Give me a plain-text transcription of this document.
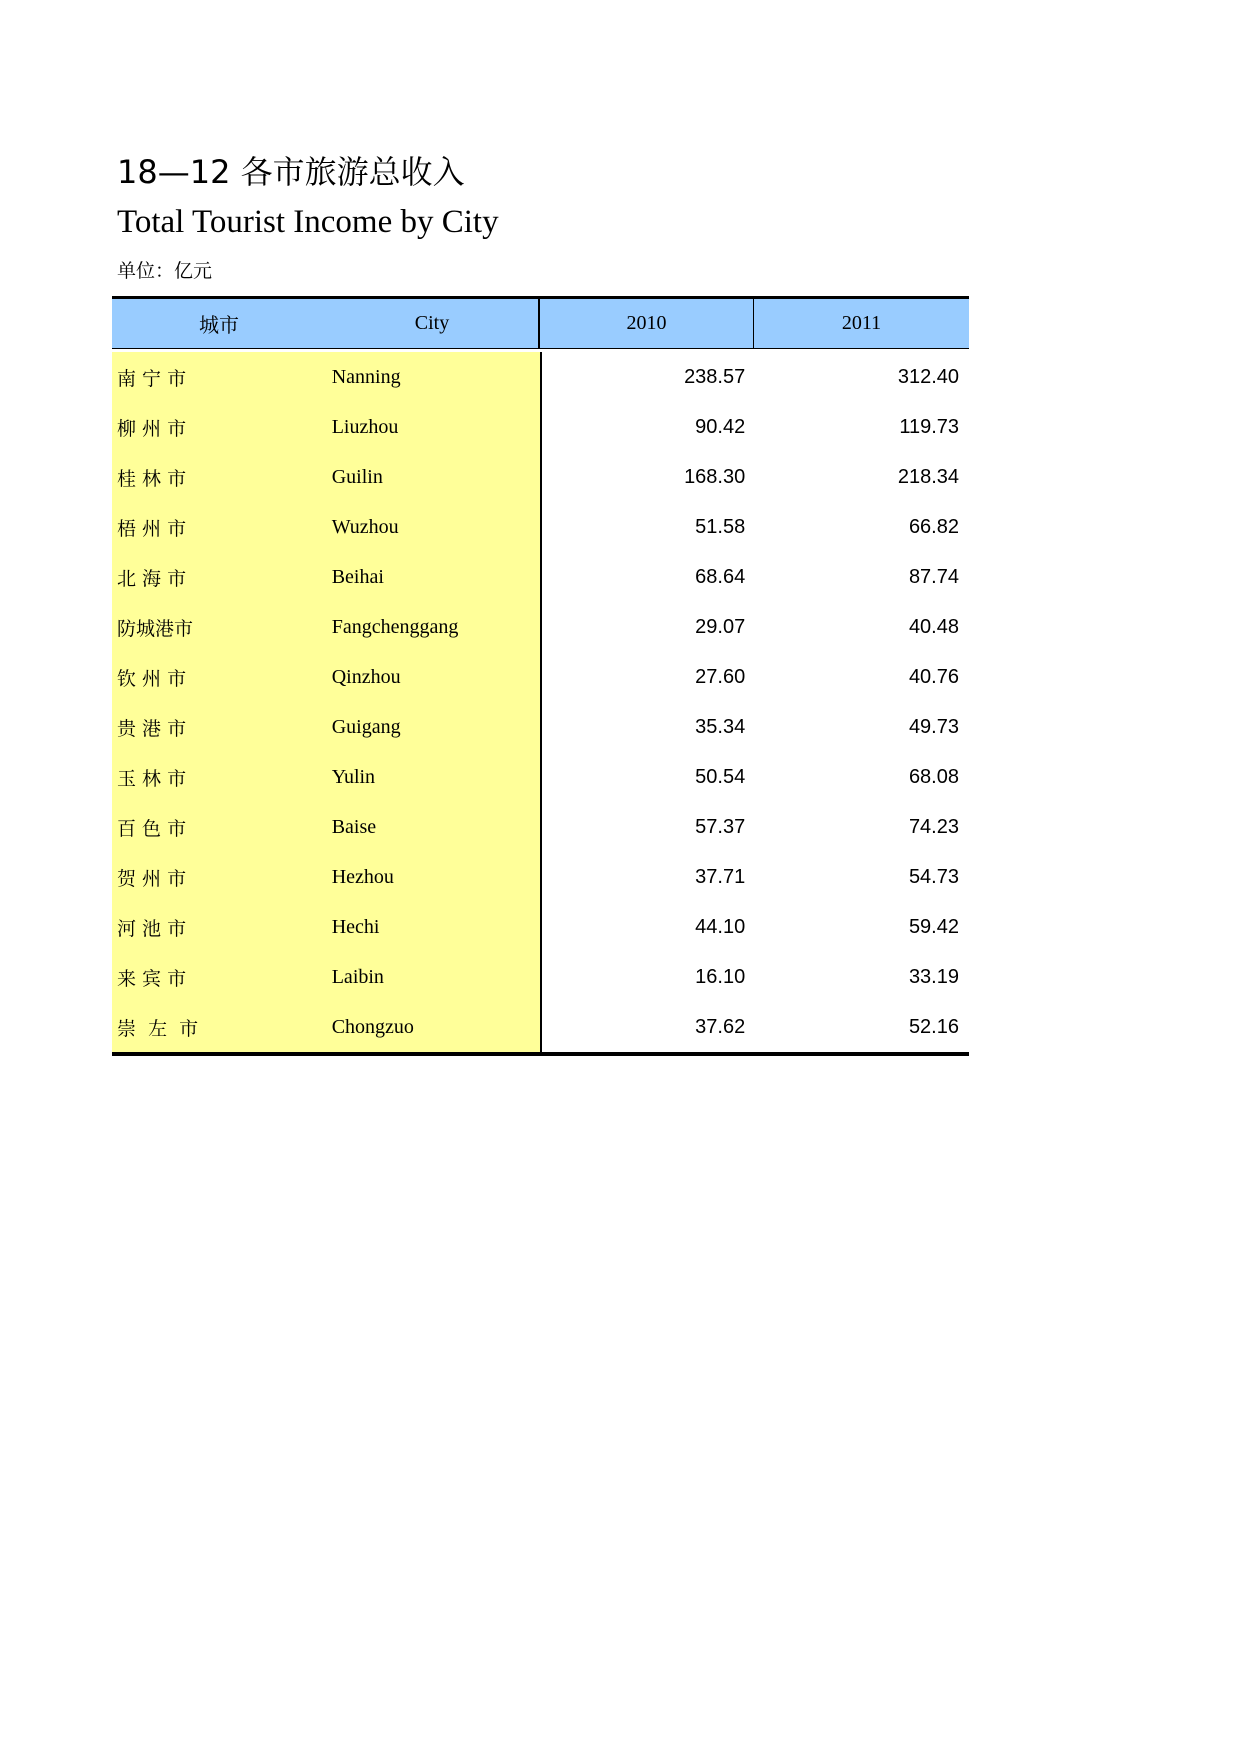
18—12 各市旅游总收入
Total Tourist Income by City
单位：亿元
城市	City	2010	2011
南 宁 市	Nanning	238.57	312.40
柳 州 市	Liuzhou	90.42	119.73
桂 林 市	Guilin	168.30	218.34
梧 州 市	Wuzhou	51.58	66.82
北 海 市	Beihai	68.64	87.74
防城港市	Fangchenggang	29.07	40.48
钦 州 市	Qinzhou	27.60	40.76
贵 港 市	Guigang	35.34	49.73
玉 林 市	Yulin	50.54	68.08
百 色 市	Baise	57.37	74.23
贺 州 市	Hezhou	37.71	54.73
河 池 市	Hechi	44.10	59.42
来 宾 市	Laibin	16.10	33.19
崇  左  市	Chongzuo	37.62	52.16
